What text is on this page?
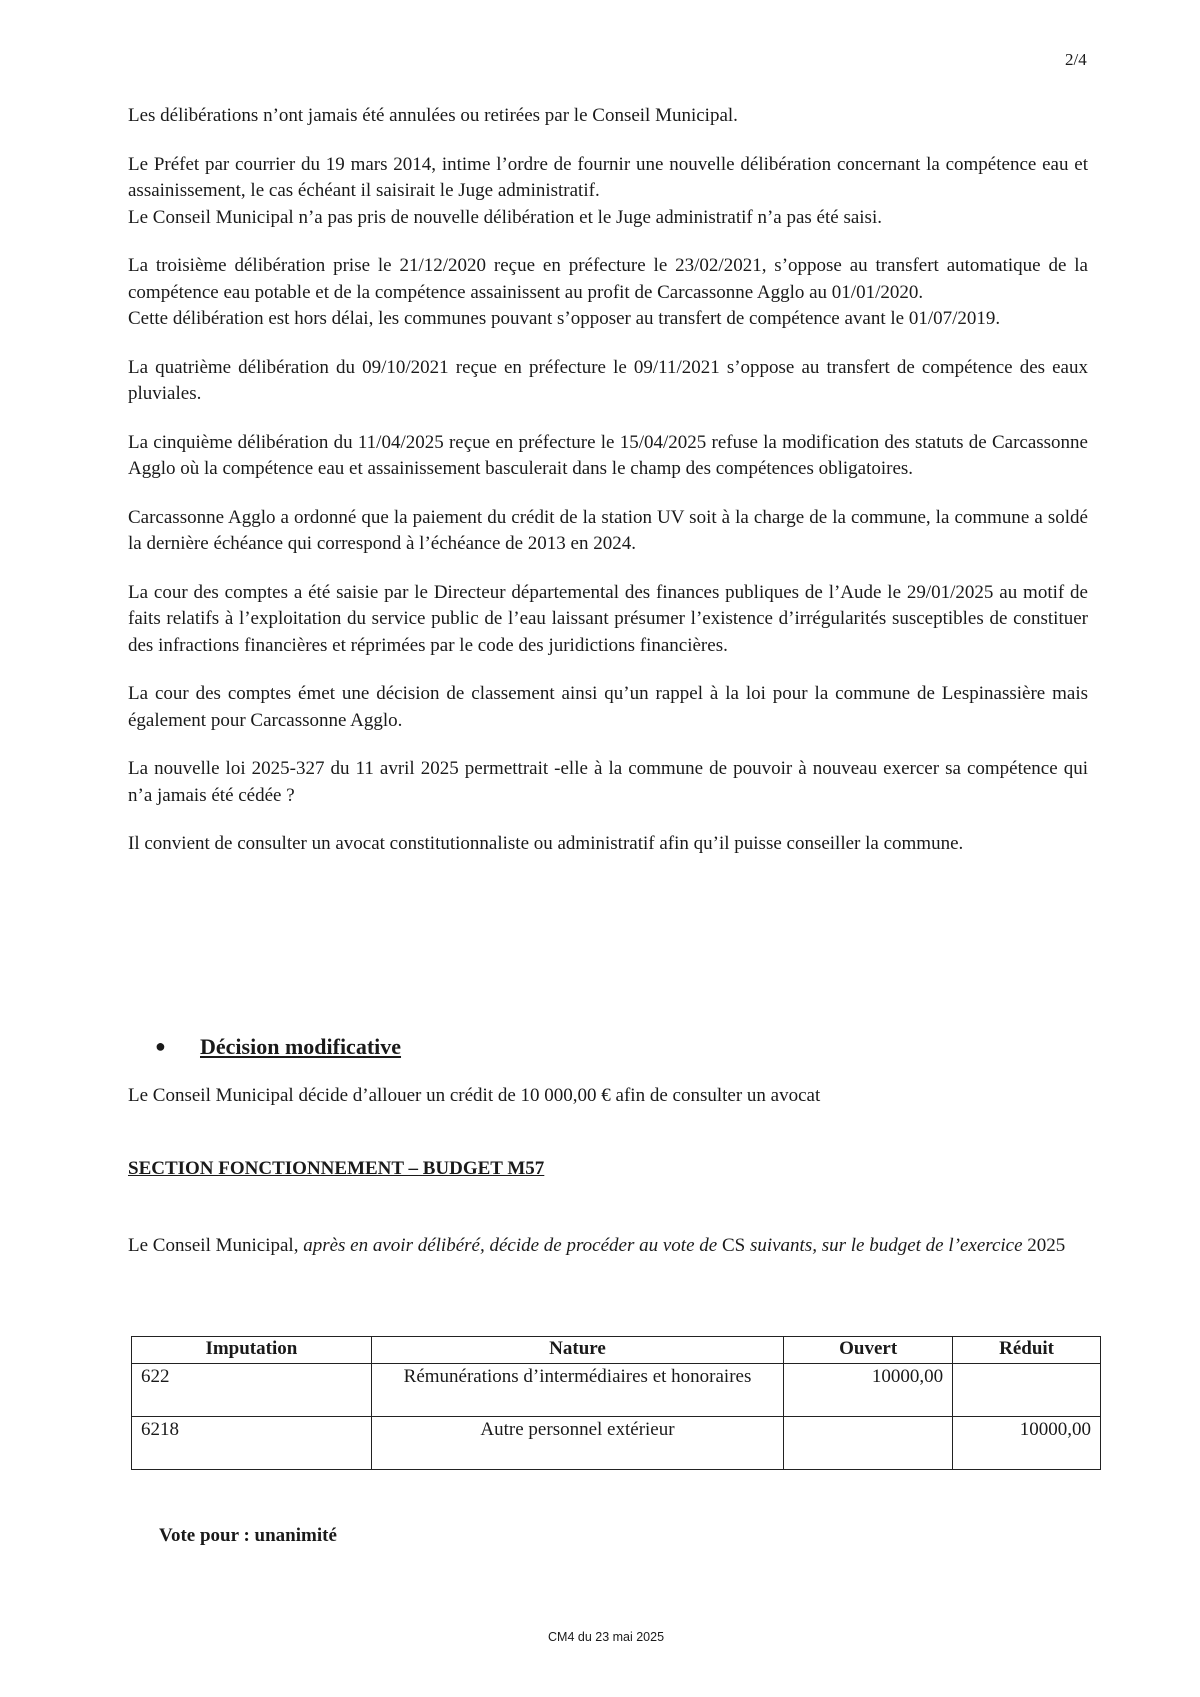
2/4
Les délibérations n’ont jamais été annulées ou retirées par le Conseil Municipal.
Le Préfet par courrier du 19 mars 2014, intime l’ordre de fournir une nouvelle délibération concernant la compétence eau et assainissement, le cas échéant il saisirait le Juge administratif.
Le Conseil Municipal n’a pas pris de nouvelle délibération et le Juge administratif n’a pas été saisi.
La troisième délibération prise le 21/12/2020 reçue en préfecture le 23/02/2021, s’oppose au transfert automatique de la compétence eau potable et de la compétence assainissent au profit de Carcassonne Agglo au 01/01/2020.
Cette délibération est hors délai, les communes pouvant s’opposer au transfert de compétence avant le 01/07/2019.
La quatrième délibération du 09/10/2021 reçue en préfecture le 09/11/2021 s’oppose au transfert de compétence des eaux pluviales.
La cinquième délibération du 11/04/2025 reçue en préfecture le 15/04/2025 refuse la modification des statuts de Carcassonne Agglo où la compétence eau et assainissement basculerait dans le champ des compétences obligatoires.
Carcassonne Agglo a ordonné que la paiement du crédit de la station UV soit à la charge de la commune, la commune a soldé la dernière échéance qui correspond à l’échéance de 2013 en 2024.
La cour des comptes a été saisie par le Directeur départemental des finances publiques de l’Aude le 29/01/2025 au motif de faits relatifs à l’exploitation du service public de l’eau laissant présumer l’existence d’irrégularités susceptibles de constituer des infractions financières et réprimées par le code des juridictions financières.
La cour des comptes émet une décision de classement ainsi qu’un rappel à la loi pour la commune de Lespinassière mais également pour Carcassonne Agglo.
La nouvelle loi 2025-327 du 11 avril 2025 permettrait -elle à la commune de pouvoir à nouveau exercer sa compétence qui n’a jamais été cédée ?
Il convient de consulter un avocat constitutionnaliste ou administratif afin qu’il puisse conseiller la commune.
● Décision modificative
Le Conseil Municipal décide d’allouer un crédit de 10 000,00 € afin de consulter un avocat
SECTION FONCTIONNEMENT – BUDGET M57
Le Conseil Municipal, après en avoir délibéré, décide de procéder au vote de CS suivants, sur le budget de l’exercice 2025
Imputation	Nature	Ouvert	Réduit
622	Rémunérations d’intermédiaires et honoraires	10000,00	
6218	Autre personnel extérieur		10000,00
Vote pour : unanimité
CM4 du 23 mai 2025
